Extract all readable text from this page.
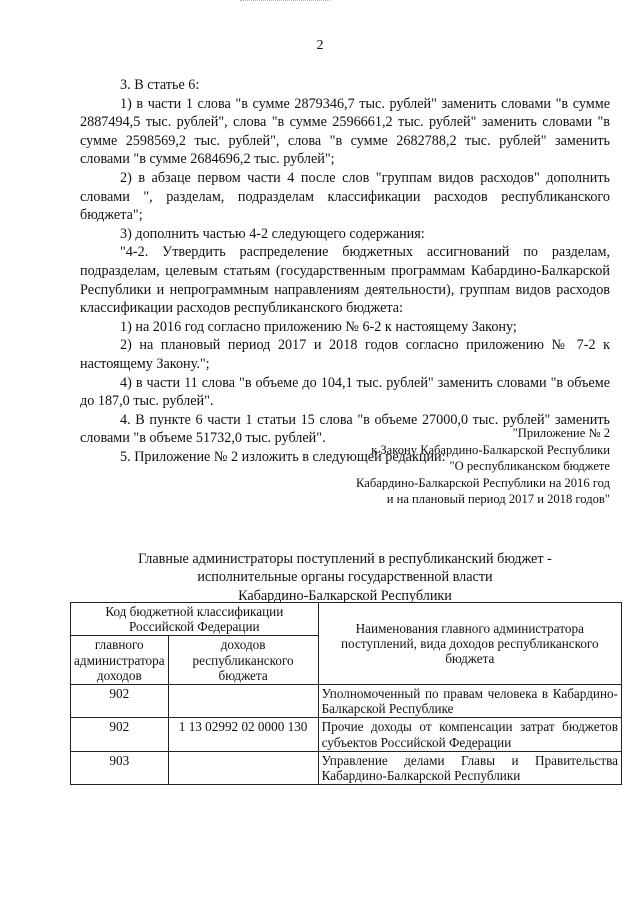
2

3. В статье 6:

1) в части 1 слова "в сумме 2879346,7 тыс. рублей" заменить словами "в сумме 2887494,5 тыс. рублей", слова "в сумме 2596661,2 тыс. рублей" заменить словами "в сумме 2598569,2 тыс. рублей", слова "в сумме 2682788,2 тыс. рублей" заменить словами "в сумме 2684696,2 тыс. рублей";

2) в абзаце первом части 4 после слов "группам видов расходов" дополнить словами ", разделам, подразделам классификации расходов республиканского бюджета";

3) дополнить частью 4-2 следующего содержания:

"4-2. Утвердить распределение бюджетных ассигнований по разделам, подразделам, целевым статьям (государственным программам Кабардино-Балкарской Республики и непрограммным направлениям деятельности), группам видов расходов классификации расходов республиканского бюджета:

1) на 2016 год согласно приложению № 6-2 к настоящему Закону;

2) на плановый период 2017 и 2018 годов согласно приложению № 7-2 к настоящему Закону.";

4) в части 11 слова "в объеме до 104,1 тыс. рублей" заменить словами "в объеме до 187,0 тыс. рублей".

4. В пункте 6 части 1 статьи 15 слова "в объеме 27000,0 тыс. рублей" заменить словами "в объеме 51732,0 тыс. рублей".

5. Приложение № 2 изложить в следующей редакции:

"Приложение № 2
к Закону Кабардино-Балкарской Республики
"О республиканском бюджете
Кабардино-Балкарской Республики на 2016 год
и на плановый период 2017 и 2018 годов"
Главные администраторы поступлений в республиканский бюджет -
исполнительные органы государственной власти
Кабардино-Балкарской Республики
Код бюджетной классификации Российской Федерации		Наименования главного администратора поступлений, вида доходов республиканского бюджета
главного администратора доходов	доходов республиканского бюджета	
902		Уполномоченный по правам человека в Кабардино-Балкарской Республике
902	1 13 02992 02 0000 130	Прочие доходы от компенсации затрат бюджетов субъектов Российской Федерации
903		Управление делами Главы и Правительства Кабардино-Балкарской Республики
